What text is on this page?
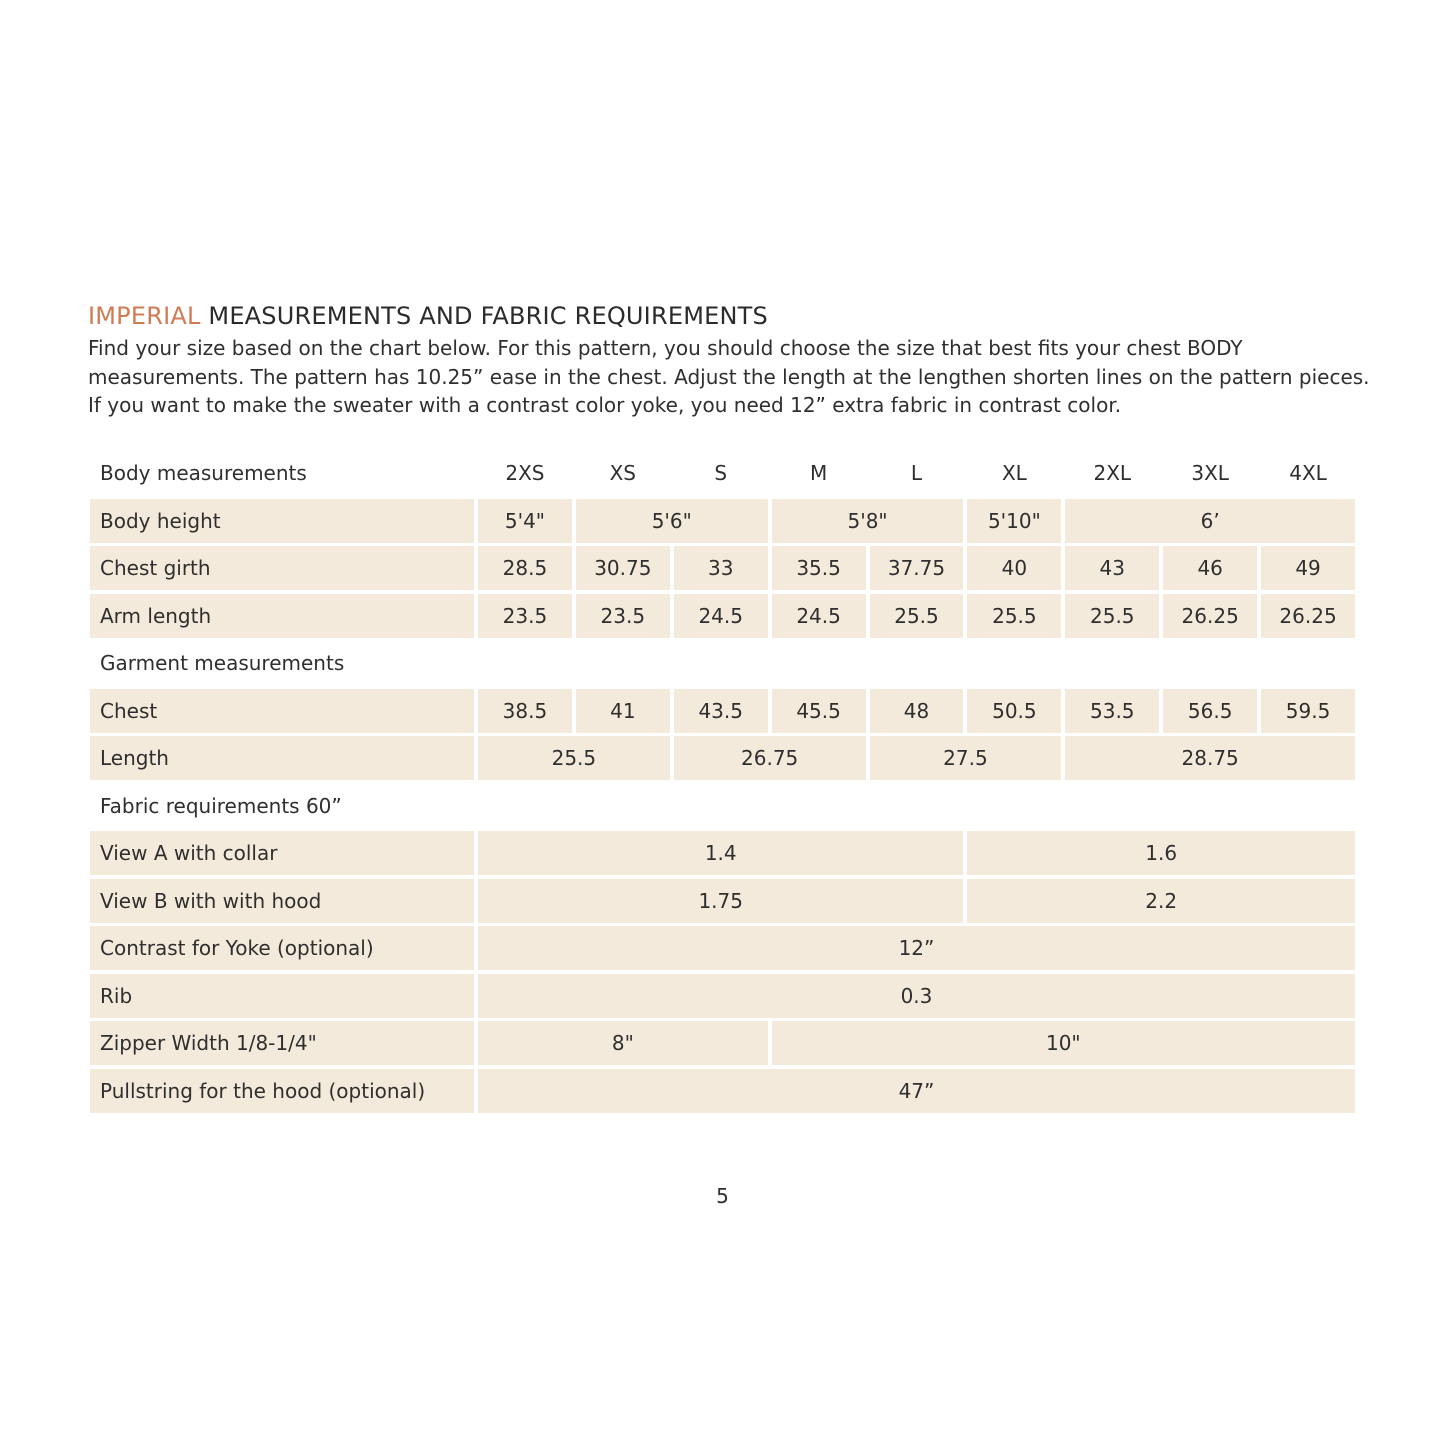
IMPERIAL MEASUREMENTS AND FABRIC REQUIREMENTS

Find your size based on the chart below. For this pattern, you should choose the size that best fits your chest BODY measurements. The pattern has 10.25” ease in the chest. Adjust the length at the lengthen shorten lines on the pattern pieces. If you want to make the sweater with a contrast color yoke, you need 12” extra fabric in contrast color.

Body measurements	2XS	XS	S	M	L	XL	2XL	3XL	4XL
Body height	5'4"	5'6"	5'8"	5'10"	6’
Chest girth	28.5	30.75	33	35.5	37.75	40	43	46	49
Arm length	23.5	23.5	24.5	24.5	25.5	25.5	25.5	26.25	26.25
Garment measurements
Chest	38.5	41	43.5	45.5	48	50.5	53.5	56.5	59.5
Length	25.5	26.75	27.5	28.75
Fabric requirements 60”
View A with collar	1.4	1.6
View B with with hood	1.75	2.2
Contrast for Yoke (optional)	12”
Rib	0.3
Zipper Width 1/8-1/4"	8"	10"
Pullstring for the hood (optional)	47”
5
